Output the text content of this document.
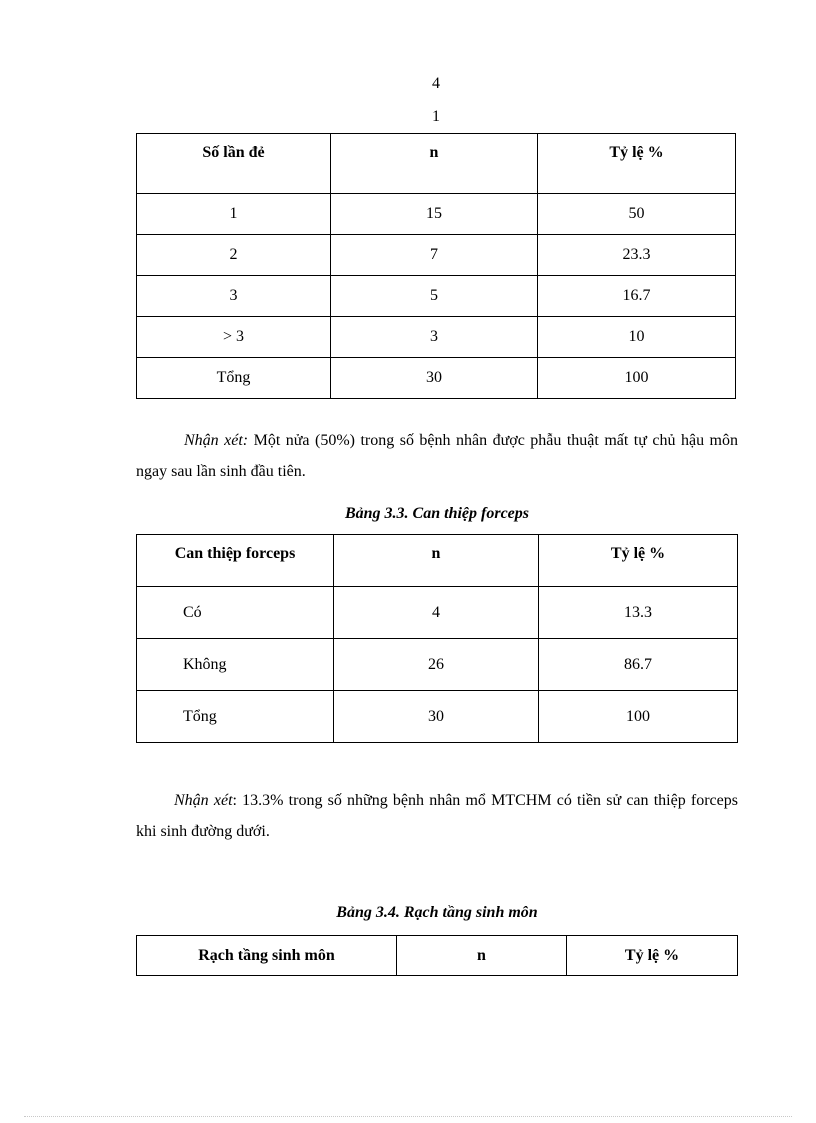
4
1
Số lần đẻ	n	Tỷ lệ %
1	15	50
2	7	23.3
3	5	16.7
> 3	3	10
Tổng	30	100
Nhận xét: Một nửa (50%) trong số bệnh nhân được phẫu thuật mất tự chủ hậu môn ngay sau lần sinh đầu tiên.
Bảng 3.3. Can thiệp forceps
Can thiệp forceps	n	Tỷ lệ %
Có	4	13.3
Không	26	86.7
Tổng	30	100
Nhận xét: 13.3% trong số những bệnh nhân mổ MTCHM có tiền sử can thiệp forceps khi sinh đường dưới.
Bảng 3.4. Rạch tầng sinh môn
Rạch tầng sinh môn	n	Tỷ lệ %
